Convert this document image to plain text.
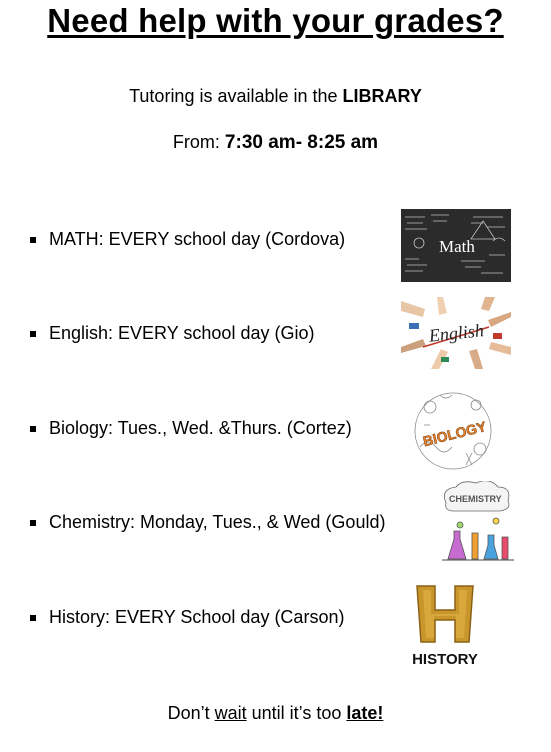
Need help with your grades?
Tutoring is available in the LIBRARY
From: 7:30 am- 8:25 am
MATH: EVERY school day (Cordova)	Math
English: EVERY school day (Gio)	English
Biology: Tues., Wed. &Thurs. (Cortez)	BIOLOGY
Chemistry: Monday, Tues., & Wed (Gould)
CHEMISTRY
History: EVERY School day (Carson)
HISTORY
Don’t wait until it’s too late!
